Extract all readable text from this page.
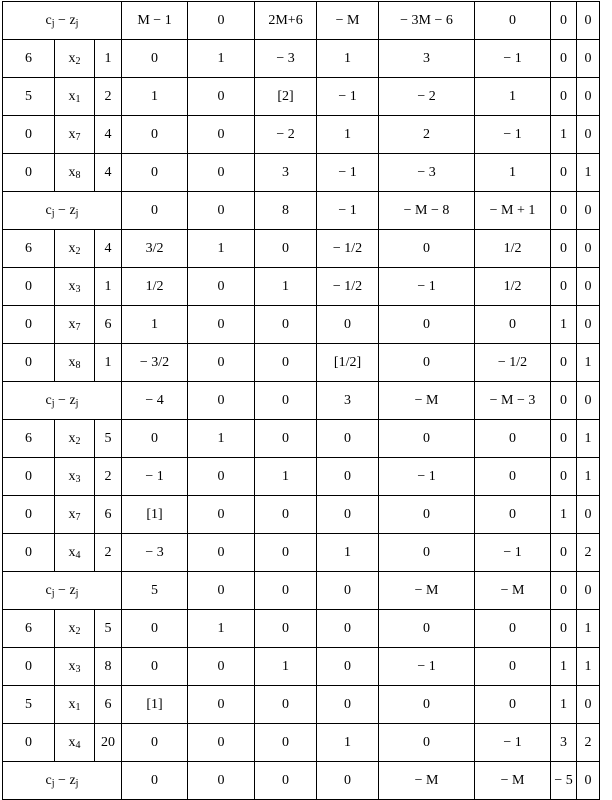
$c_j - z_j$			M − 1	0	2M+6	− M	− 3M − 6	0	0	0
6	$x_2$	1	0	1	− 3	1	3	− 1	0	0
5	$x_1$	2	1	0	[2]	− 1	− 2	1	0	0
0	$x_7$	4	0	0	− 2	1	2	− 1	1	0
0	$x_8$	4	0	0	3	− 1	− 3	1	0	1
$c_j - z_j$			0	0	8	− 1	− M − 8	− M + 1	0	0
6	$x_2$	4	3/2	1	0	− 1/2	0	1/2	0	0
0	$x_3$	1	1/2	0	1	− 1/2	− 1	1/2	0	0
0	$x_7$	6	1	0	0	0	0	0	1	0
0	$x_8$	1	− 3/2	0	0	[1/2]	0	− 1/2	0	1
$c_j - z_j$			− 4	0	0	3	− M	− M − 3	0	0
6	$x_2$	5	0	1	0	0	0	0	0	1
0	$x_3$	2	− 1	0	1	0	− 1	0	0	1
0	$x_7$	6	[1]	0	0	0	0	0	1	0
0	$x_4$	2	− 3	0	0	1	0	− 1	0	2
$c_j - z_j$			5	0	0	0	− M	− M	0	0
6	$x_2$	5	0	1	0	0	0	0	0	1
0	$x_3$	8	0	0	1	0	− 1	0	1	1
5	$x_1$	6	[1]	0	0	0	0	0	1	0
0	$x_4$	20	0	0	0	1	0	− 1	3	2
$c_j - z_j$			0	0	0	0	− M	− M	− 5	0
